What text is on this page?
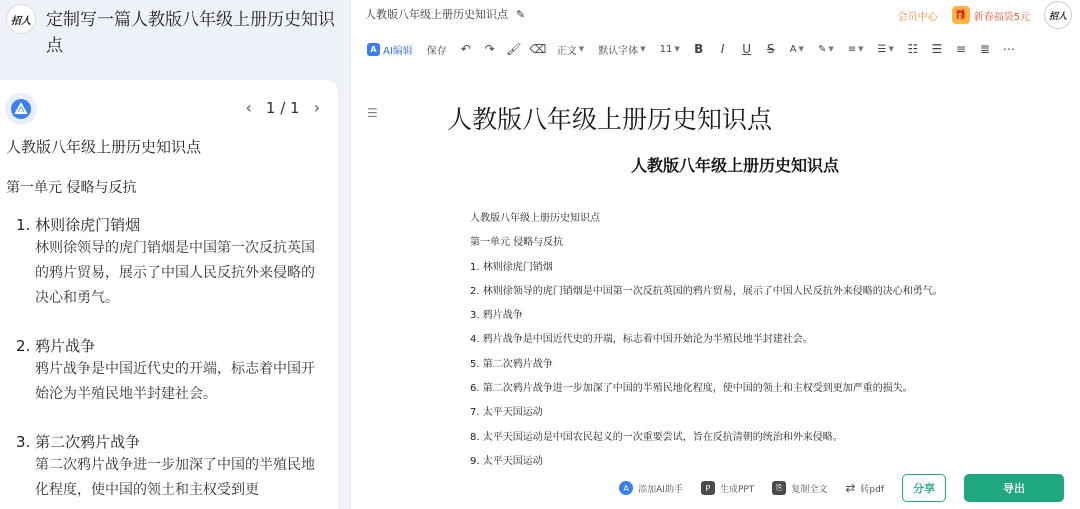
招人 定制写一篇人教版八年级上册历史知识点
‹ 1 / 1 ›
人教版八年级上册历史知识点
第一单元 侵略与反抗
1. 林则徐虎门销烟
林则徐领导的虎门销烟是中国第一次反抗英国的鸦片贸易，展示了中国人民反抗外来侵略的决心和勇气。
2. 鸦片战争
鸦片战争是中国近代史的开端，标志着中国开始沦为半殖民地半封建社会。
3. 第二次鸦片战争
第二次鸦片战争进一步加深了中国的半殖民地化程度，使中国的领土和主权受到更
人教版八年级上册历史知识点 ✎	会员中心 🎁 新春福袋5元	招人
A AI编辑	保存	↶	↷ 🖌 ⌫ 正文 ▼ 默认字体 ▼ 11 ▼	B	I	U	S	A ▼	✎ ▼	≡ ▼	☰ ▼	☷	☰	≡	≣	⋯
☰	人教版八年级上册历史知识点
人教版八年级上册历史知识点
人教版八年级上册历史知识点
第一单元 侵略与反抗
1. 林则徐虎门销烟
2. 林则徐领导的虎门销烟是中国第一次反抗英国的鸦片贸易，展示了中国人民反抗外来侵略的决心和勇气。
3. 鸦片战争
4. 鸦片战争是中国近代史的开端，标志着中国开始沦为半殖民地半封建社会。
5. 第二次鸦片战争
6. 第二次鸦片战争进一步加深了中国的半殖民地化程度，使中国的领土和主权受到更加严重的损失。
7. 太平天国运动
8. 太平天国运动是中国农民起义的一次重要尝试，旨在反抗清朝的统治和外来侵略。
9. 太平天国运动
A	添加AI助手	P	生成PPT	⎘ 复制全文 ⇄ 转pdf	分享	导出
